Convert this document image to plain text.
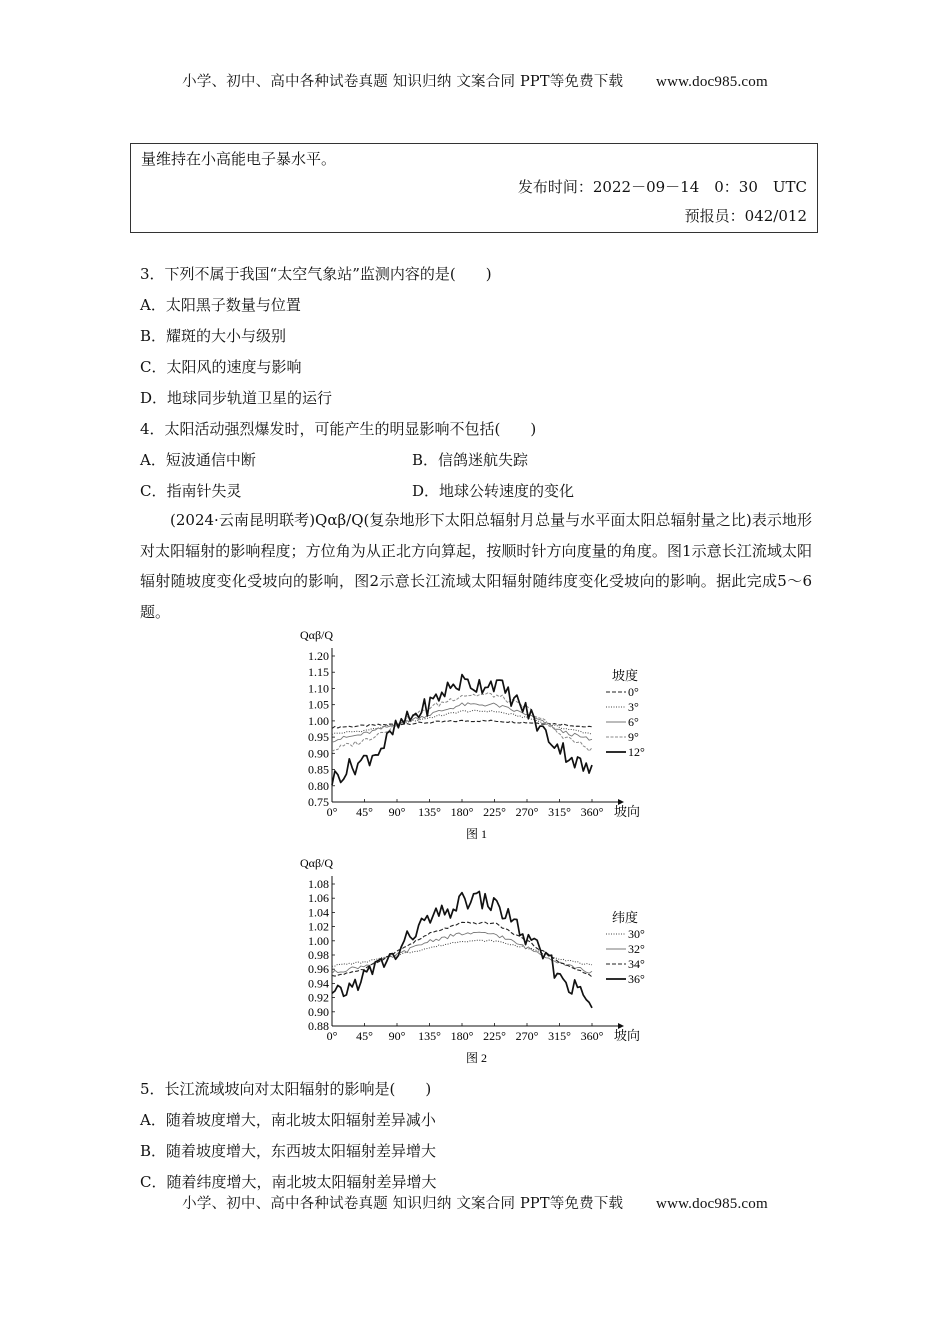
小学、初中、高中各种试卷真题 知识归纳 文案合同 PPT等免费下载 www.doc985.com
量维持在小高能电子暴水平。
发布时间：2022－09－14　0：30　UTC
预报员：042/012
3．下列不属于我国“太空气象站”监测内容的是(　　)
A．太阳黑子数量与位置
B．耀斑的大小与级别
C．太阳风的速度与影响
D．地球同步轨道卫星的运行
4．太阳活动强烈爆发时，可能产生的明显影响不包括(　　)
A．短波通信中断	B．信鸽迷航失踪
C．指南针失灵	D．地球公转速度的变化
(2024·云南昆明联考)Qαβ/Q(复杂地形下太阳总辐射月总量与水平面太阳总辐射量之比)表示地形对太阳辐射的影响程度；方位角为从正北方向算起，按顺时针方向度量的角度。图1示意长江流域太阳辐射随坡度变化受坡向的影响，图2示意长江流域太阳辐射随纬度变化受坡向的影响。据此完成5～6题。
Qαβ/Q
1.20
1.15
1.10
1.05
1.00
0.95
0.90
0.85
0.80
0.75
0° 45° 90° 135° 180° 225° 270° 315° 360° 坡向
坡度
0°
3°
6°
9°
12°
图 1
Qαβ/Q
1.08
1.06
1.04
1.02
1.00
0.98
0.96
0.94
0.92
0.90
0.88
0° 45° 90° 135° 180° 225° 270° 315° 360° 坡向
纬度
30°
32°
34°
36°
图 2
5．长江流域坡向对太阳辐射的影响是(　　)
A．随着坡度增大，南北坡太阳辐射差异减小
B．随着坡度增大，东西坡太阳辐射差异增大
C．随着纬度增大，南北坡太阳辐射差异增大
小学、初中、高中各种试卷真题 知识归纳 文案合同 PPT等免费下载 www.doc985.com
